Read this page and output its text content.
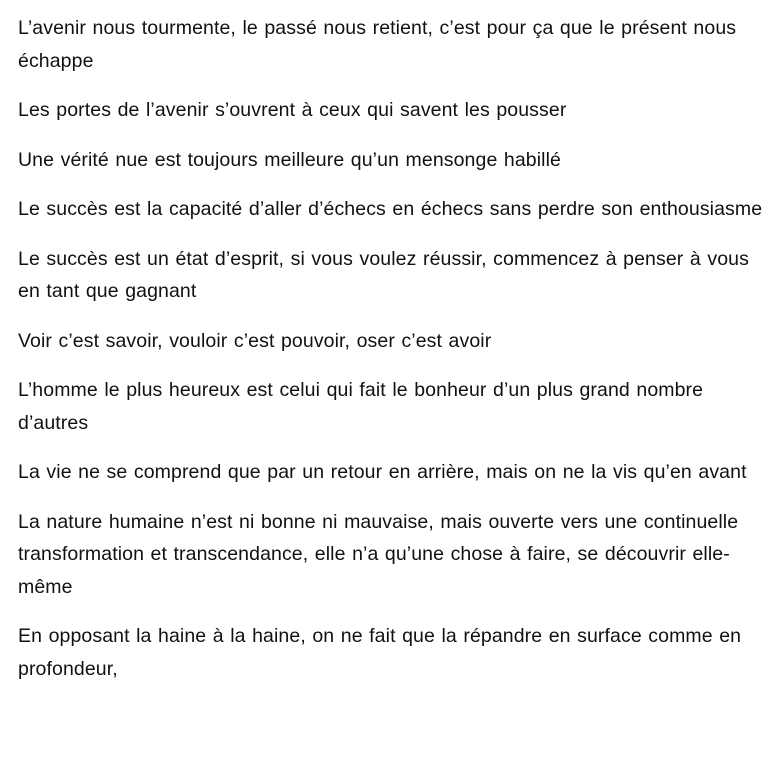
L’avenir nous tourmente, le passé nous retient, c’est pour ça que le présent nous échappe

Les portes de l’avenir s’ouvrent à ceux qui savent les pousser

Une vérité nue est toujours meilleure qu’un mensonge habillé

Le succès est la capacité d’aller d’échecs en échecs sans perdre son enthousiasme

Le succès est un état d’esprit, si vous voulez réussir, commencez à penser à vous en tant que gagnant

Voir c’est savoir, vouloir c’est pouvoir, oser c’est avoir

L’homme le plus heureux est celui qui fait le bonheur d’un plus grand nombre d’autres

La vie ne se comprend que par un retour en arrière, mais on ne la vis qu’en avant

La nature humaine n’est ni bonne ni mauvaise, mais ouverte vers une continuelle transformation et transcendance, elle n’a qu’une chose à faire, se découvrir elle-même

En opposant la haine à la haine, on ne fait que la répandre en surface comme en profondeur,
